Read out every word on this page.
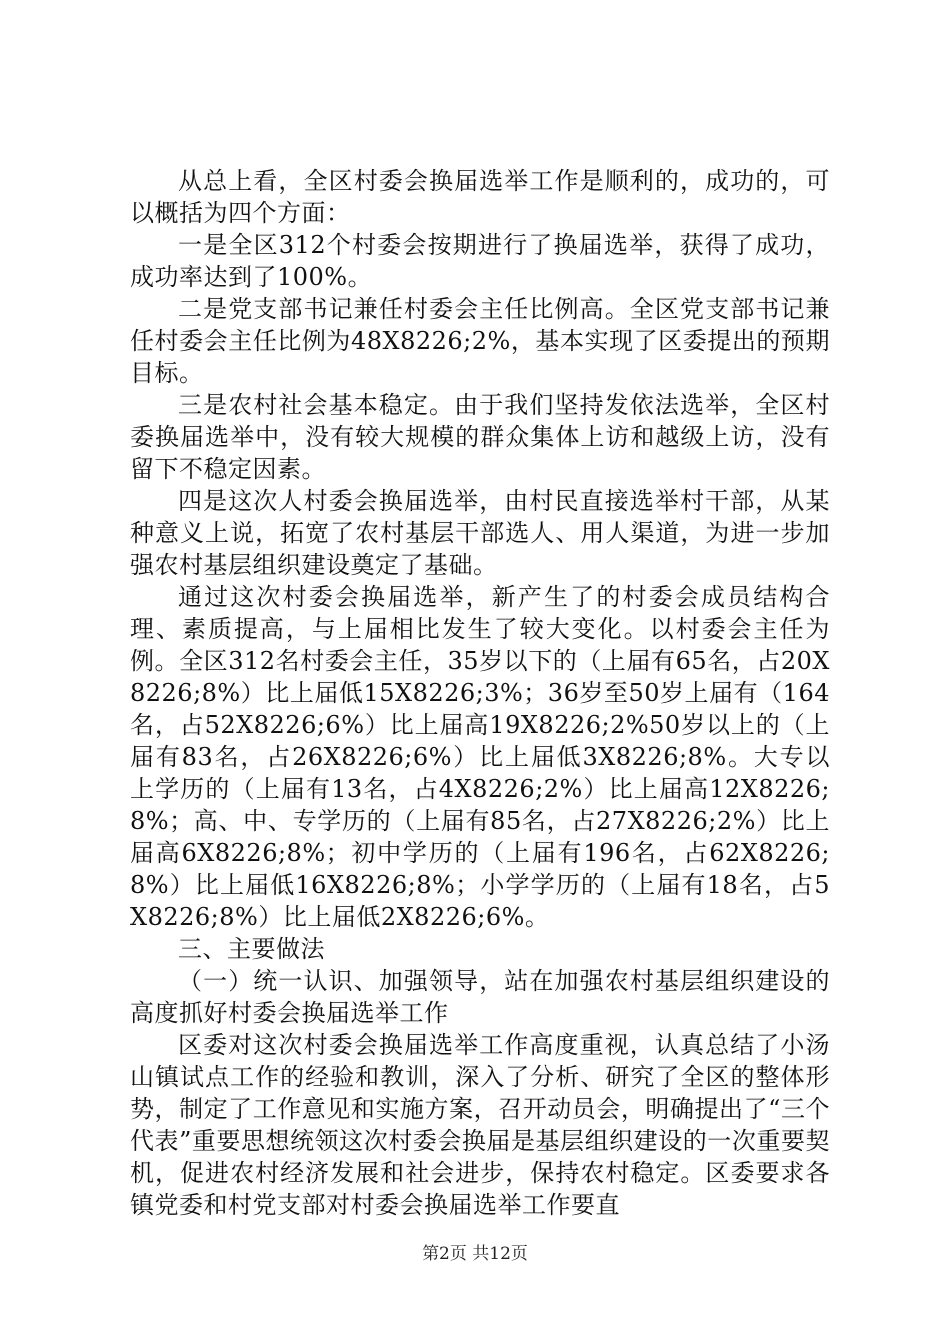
从总上看，全区村委会换届选举工作是顺利的，成功的，可以概括为四个方面：

一是全区312个村委会按期进行了换届选举，获得了成功，成功率达到了100%。

二是党支部书记兼任村委会主任比例高。全区党支部书记兼任村委会主任比例为48X8226;2%，基本实现了区委提出的预期目标。

三是农村社会基本稳定。由于我们坚持发依法选举，全区村委换届选举中，没有较大规模的群众集体上访和越级上访，没有留下不稳定因素。

四是这次人村委会换届选举，由村民直接选举村干部，从某种意义上说，拓宽了农村基层干部选人、用人渠道，为进一步加强农村基层组织建设奠定了基础。

通过这次村委会换届选举，新产生了的村委会成员结构合理、素质提高，与上届相比发生了较大变化。以村委会主任为例。全区312名村委会主任，35岁以下的（上届有65名，占20X8226;8%）比上届低15X8226;3%；36岁至50岁上届有（164名，占52X8226;6%）比上届高19X8226;2%50岁以上的（上届有83名，占26X8226;6%）比上届低3X8226;8%。大专以上学历的（上届有13名，占4X8226;2%）比上届高12X8226;8%；高、中、专学历的（上届有85名，占27X8226;2%）比上届高6X8226;8%；初中学历的（上届有196名，占62X8226;8%）比上届低16X8226;8%；小学学历的（上届有18名，占5X8226;8%）比上届低2X8226;6%。

三、主要做法

（一）统一认识、加强领导，站在加强农村基层组织建设的高度抓好村委会换届选举工作

区委对这次村委会换届选举工作高度重视，认真总结了小汤山镇试点工作的经验和教训，深入了分析、研究了全区的整体形势，制定了工作意见和实施方案，召开动员会，明确提出了“三个代表”重要思想统领这次村委会换届是基层组织建设的一次重要契机，促进农村经济发展和社会进步，保持农村稳定。区委要求各镇党委和村党支部对村委会换届选举工作要直

第2页 共12页
